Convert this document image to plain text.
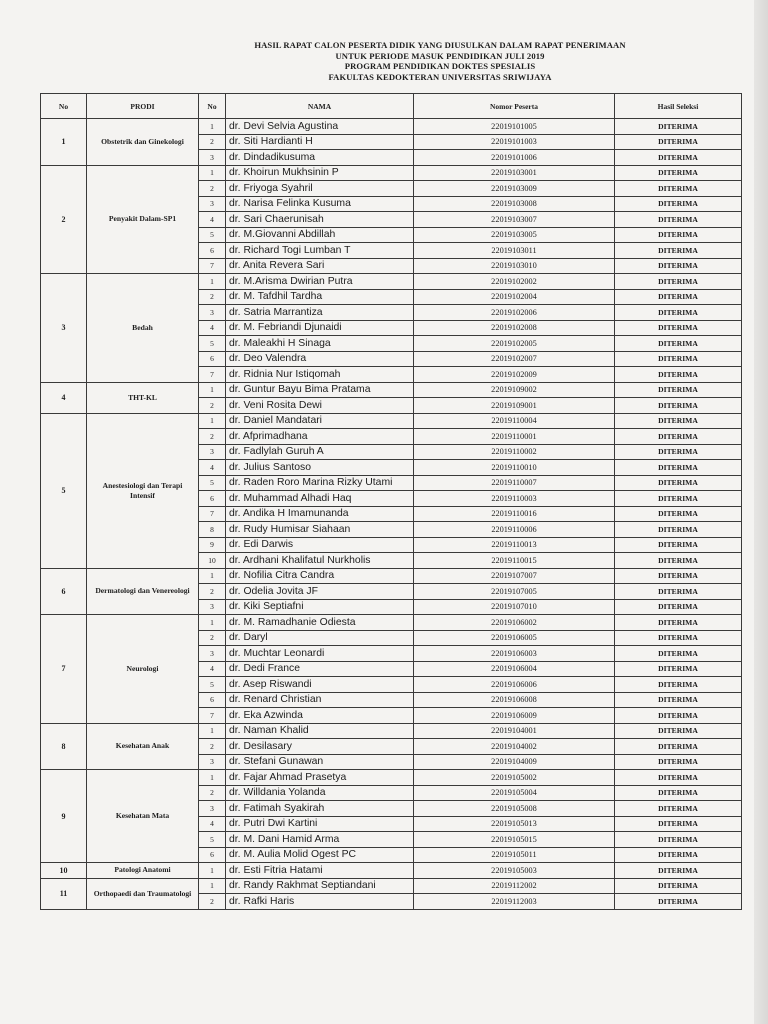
HASIL RAPAT CALON PESERTA DIDIK YANG DIUSULKAN DALAM RAPAT PENERIMAAN
UNTUK PERIODE MASUK PENDIDIKAN JULI 2019
PROGRAM PENDIDIKAN DOKTES SPESIALIS
FAKULTAS KEDOKTERAN UNIVERSITAS SRIWIJAYA
No	PRODI	No	NAMA	Nomor Peserta	Hasil Seleksi
1	Obstetrik dan Ginekologi	1	dr. Devi Selvia Agustina	22019101005	DITERIMA
		2	dr. Siti Hardianti H	22019101003	DITERIMA
		3	dr. Dindadikusuma	22019101006	DITERIMA
2	Penyakit Dalam-SP1	1	dr. Khoirun Mukhsinin P	22019103001	DITERIMA
		2	dr. Friyoga Syahril	22019103009	DITERIMA
		3	dr. Narisa Felinka Kusuma	22019103008	DITERIMA
		4	dr. Sari Chaerunisah	22019103007	DITERIMA
		5	dr. M.Giovanni Abdillah	22019103005	DITERIMA
		6	dr. Richard Togi Lumban T	22019103011	DITERIMA
		7	dr. Anita Revera Sari	22019103010	DITERIMA
3	Bedah	1	dr. M.Arisma Dwirian Putra	22019102002	DITERIMA
		2	dr. M. Tafdhil Tardha	22019102004	DITERIMA
		3	dr. Satria Marrantiza	22019102006	DITERIMA
		4	dr. M. Febriandi Djunaidi	22019102008	DITERIMA
		5	dr. Maleakhi H Sinaga	22019102005	DITERIMA
		6	dr. Deo Valendra	22019102007	DITERIMA
		7	dr. Ridnia Nur Istiqomah	22019102009	DITERIMA
4	THT-KL	1	dr. Guntur Bayu Bima Pratama	22019109002	DITERIMA
		2	dr. Veni Rosita Dewi	22019109001	DITERIMA
5	Anestesiologi dan Terapi Intensif	1	dr. Daniel Mandatari	22019110004	DITERIMA
		2	dr. Afprimadhana	22019110001	DITERIMA
		3	dr. Fadlylah Guruh A	22019110002	DITERIMA
		4	dr. Julius Santoso	22019110010	DITERIMA
		5	dr. Raden Roro Marina Rizky Utami	22019110007	DITERIMA
		6	dr. Muhammad Alhadi Haq	22019110003	DITERIMA
		7	dr. Andika H Imamunanda	22019110016	DITERIMA
		8	dr. Rudy Humisar Siahaan	22019110006	DITERIMA
		9	dr. Edi Darwis	22019110013	DITERIMA
		10	dr. Ardhani Khalifatul Nurkholis	22019110015	DITERIMA
6	Dermatologi dan Venereologi	1	dr. Nofilia Citra Candra	22019107007	DITERIMA
		2	dr. Odelia Jovita JF	22019107005	DITERIMA
		3	dr. Kiki Septiafni	22019107010	DITERIMA
7	Neurologi	1	dr. M. Ramadhanie Odiesta	22019106002	DITERIMA
		2	dr. Daryl	22019106005	DITERIMA
		3	dr. Muchtar Leonardi	22019106003	DITERIMA
		4	dr. Dedi France	22019106004	DITERIMA
		5	dr. Asep Riswandi	22019106006	DITERIMA
		6	dr. Renard Christian	22019106008	DITERIMA
		7	dr. Eka Azwinda	22019106009	DITERIMA
8	Kesehatan Anak	1	dr. Naman Khalid	22019104001	DITERIMA
		2	dr. Desilasary	22019104002	DITERIMA
		3	dr. Stefani Gunawan	22019104009	DITERIMA
9	Kesehatan Mata	1	dr. Fajar Ahmad Prasetya	22019105002	DITERIMA
		2	dr. Willdania Yolanda	22019105004	DITERIMA
		3	dr. Fatimah Syakirah	22019105008	DITERIMA
		4	dr. Putri Dwi Kartini	22019105013	DITERIMA
		5	dr. M. Dani Hamid Arma	22019105015	DITERIMA
		6	dr. M. Aulia Molid Ogest PC	22019105011	DITERIMA
10	Patologi Anatomi	1	dr. Esti Fitria Hatami	22019105003	DITERIMA
11	Orthopaedi dan Traumatologi	1	dr. Randy Rakhmat Septiandani	22019112002	DITERIMA
		2	dr. Rafki Haris	22019112003	DITERIMA
